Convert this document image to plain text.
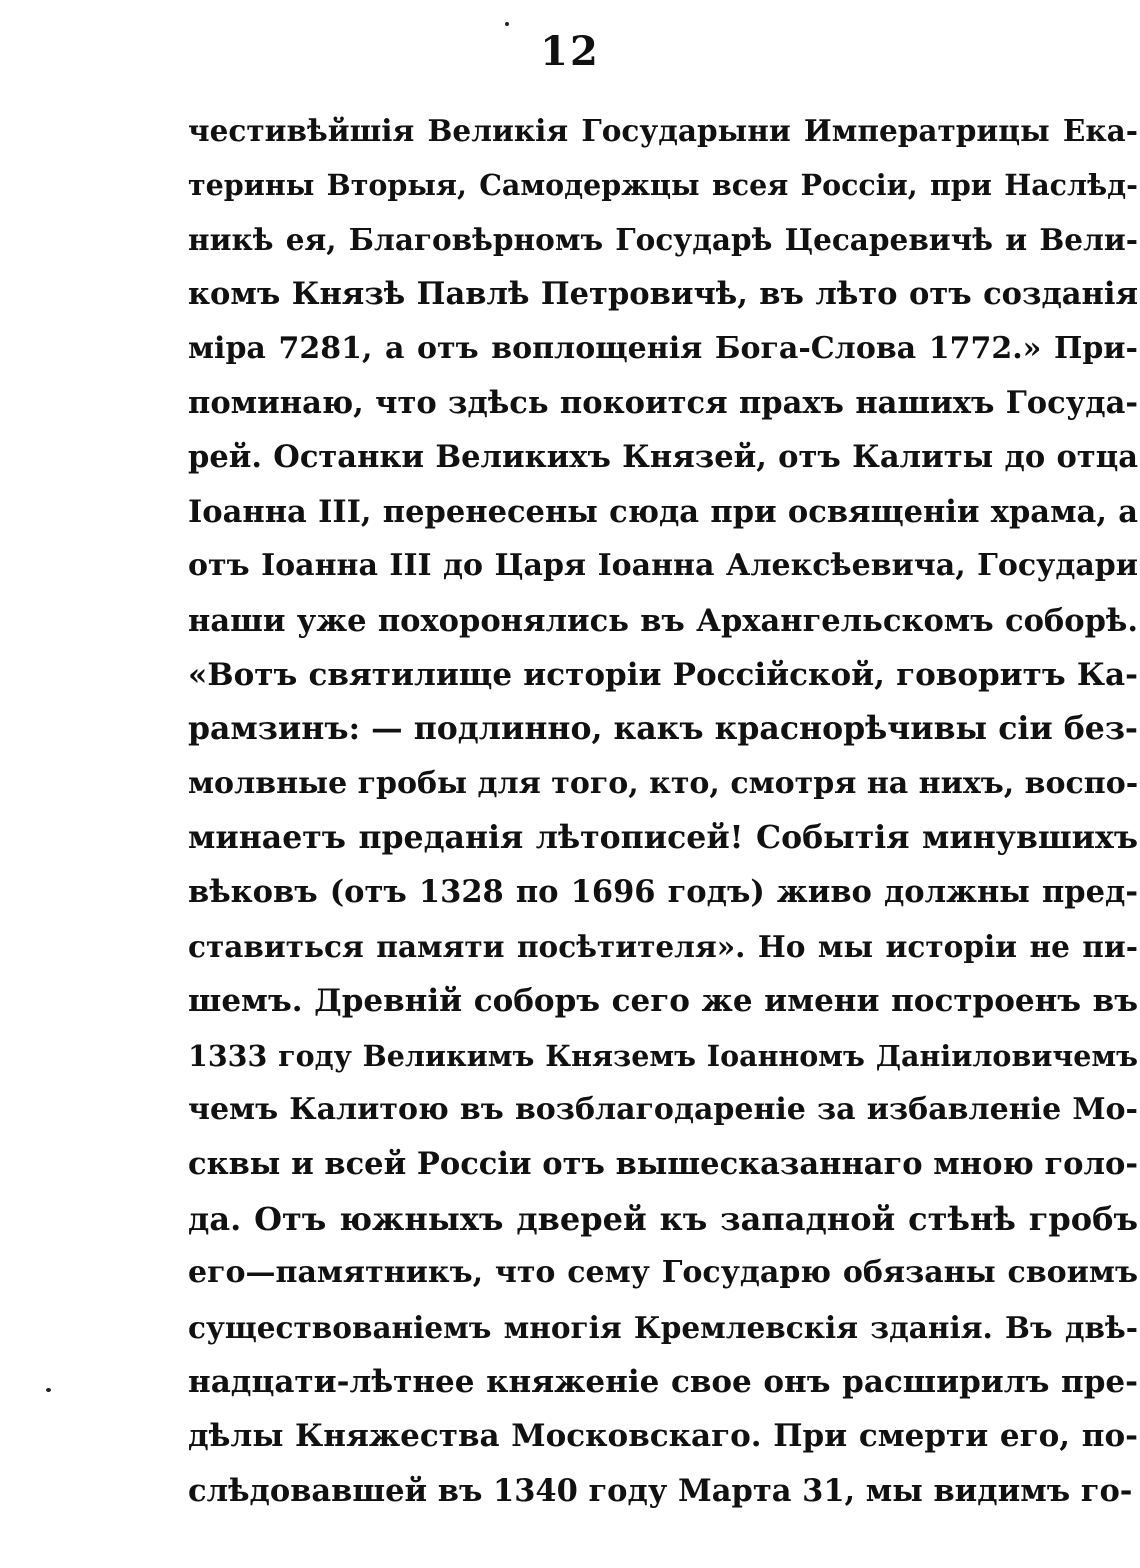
12
честивѣйшія Великія Государыни Императрицы Ека-
терины Вторыя, Самодержцы всея Россіи, при Наслѣд-
никѣ ея, Благовѣрномъ Государѣ Цесаревичѣ и Вели-
комъ Князѣ Павлѣ Петровичѣ, въ лѣто отъ созданія
міра 7281, а отъ воплощенія Бога-Слова 1772.» При-
поминаю, что здѣсь покоится прахъ нашихъ Госуда-
рей. Останки Великихъ Князей, отъ Калиты до отца
Іоанна III, перенесены сюда при освященіи храма, а
отъ Іоанна III до Царя Іоанна Алексѣевича, Государи
наши уже похоронялись въ Архангельскомъ соборѣ.
«Вотъ святилище исторіи Россійской, говоритъ Ка-
рамзинъ: — подлинно, какъ краснорѣчивы сіи без-
молвные гробы для того, кто, смотря на нихъ, воспо-
минаетъ преданія лѣтописей! Событія минувшихъ
вѣковъ (отъ 1328 по 1696 годъ) живо должны пред-
ставиться памяти посѣтителя». Но мы исторіи не пи-
шемъ. Древній соборъ сего же имени построенъ въ
1333 году Великимъ Княземъ Іоанномъ Даніиловичемъ
чемъ Калитою въ возблагодареніе за избавленіе Мо-
сквы и всей Россіи отъ вышесказаннаго мною голо-
да. Отъ южныхъ дверей къ западной стѣнѣ гробъ
его—памятникъ, что сему Государю обязаны своимъ
существованіемъ многія Кремлевскія зданія. Въ двѣ-
надцати-лѣтнее княженіе свое онъ расширилъ пре-
дѣлы Княжества Московскаго. При смерти его, по-
слѣдовавшей въ 1340 году Марта 31, мы видимъ го-
